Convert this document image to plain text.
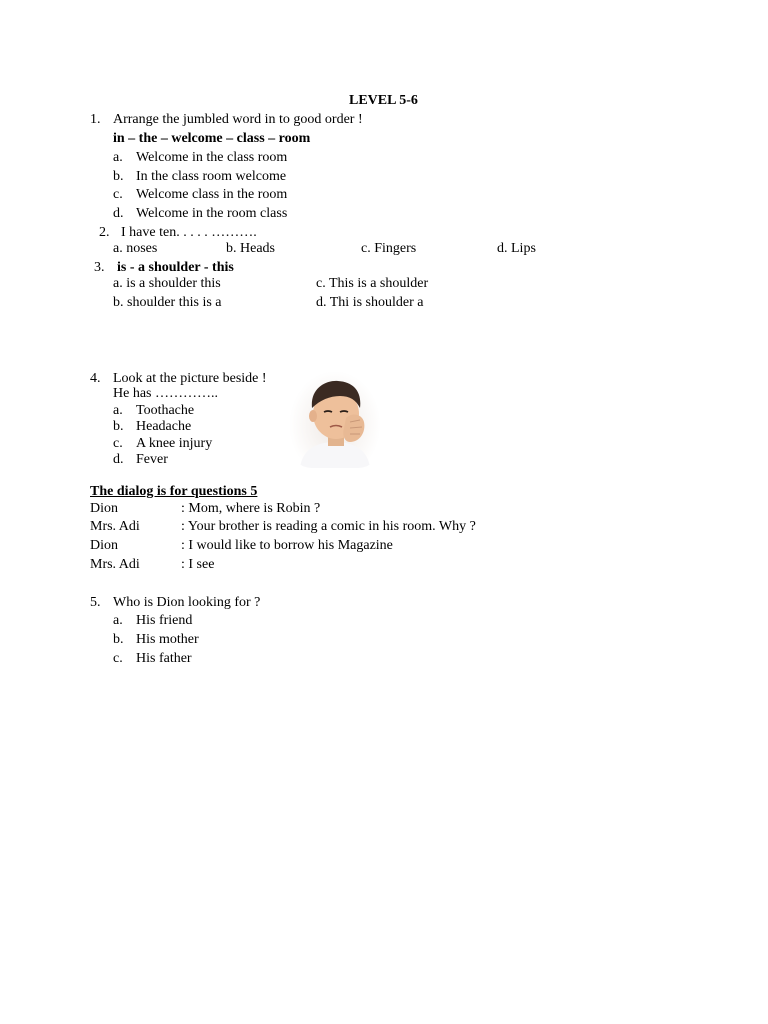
LEVEL 5-6
1. Arrange the jumbled word in to good order !
in – the – welcome – class – room
a. Welcome in the class room
b. In the class room welcome
c. Welcome class in the room
d. Welcome in the room class
2. I have ten. . . . . ……….
a. noses	b. Heads	c. Fingers	d. Lips
3. is - a shoulder - this
a. is a shoulder this	c. This is a shoulder
b. shoulder this is a	d. Thi is shoulder a
4. Look at the picture beside !
He has …………..
a. Toothache
b. Headache
c. A knee injury
d. Fever
The dialog is for questions 5
Dion	: Mom, where is Robin ?
Mrs. Adi	: Your brother is reading a comic in his room. Why ?
Dion	: I would like to borrow his Magazine
Mrs. Adi	: I see
5. Who is Dion looking for ?
a. His friend
b. His mother
c. His father
